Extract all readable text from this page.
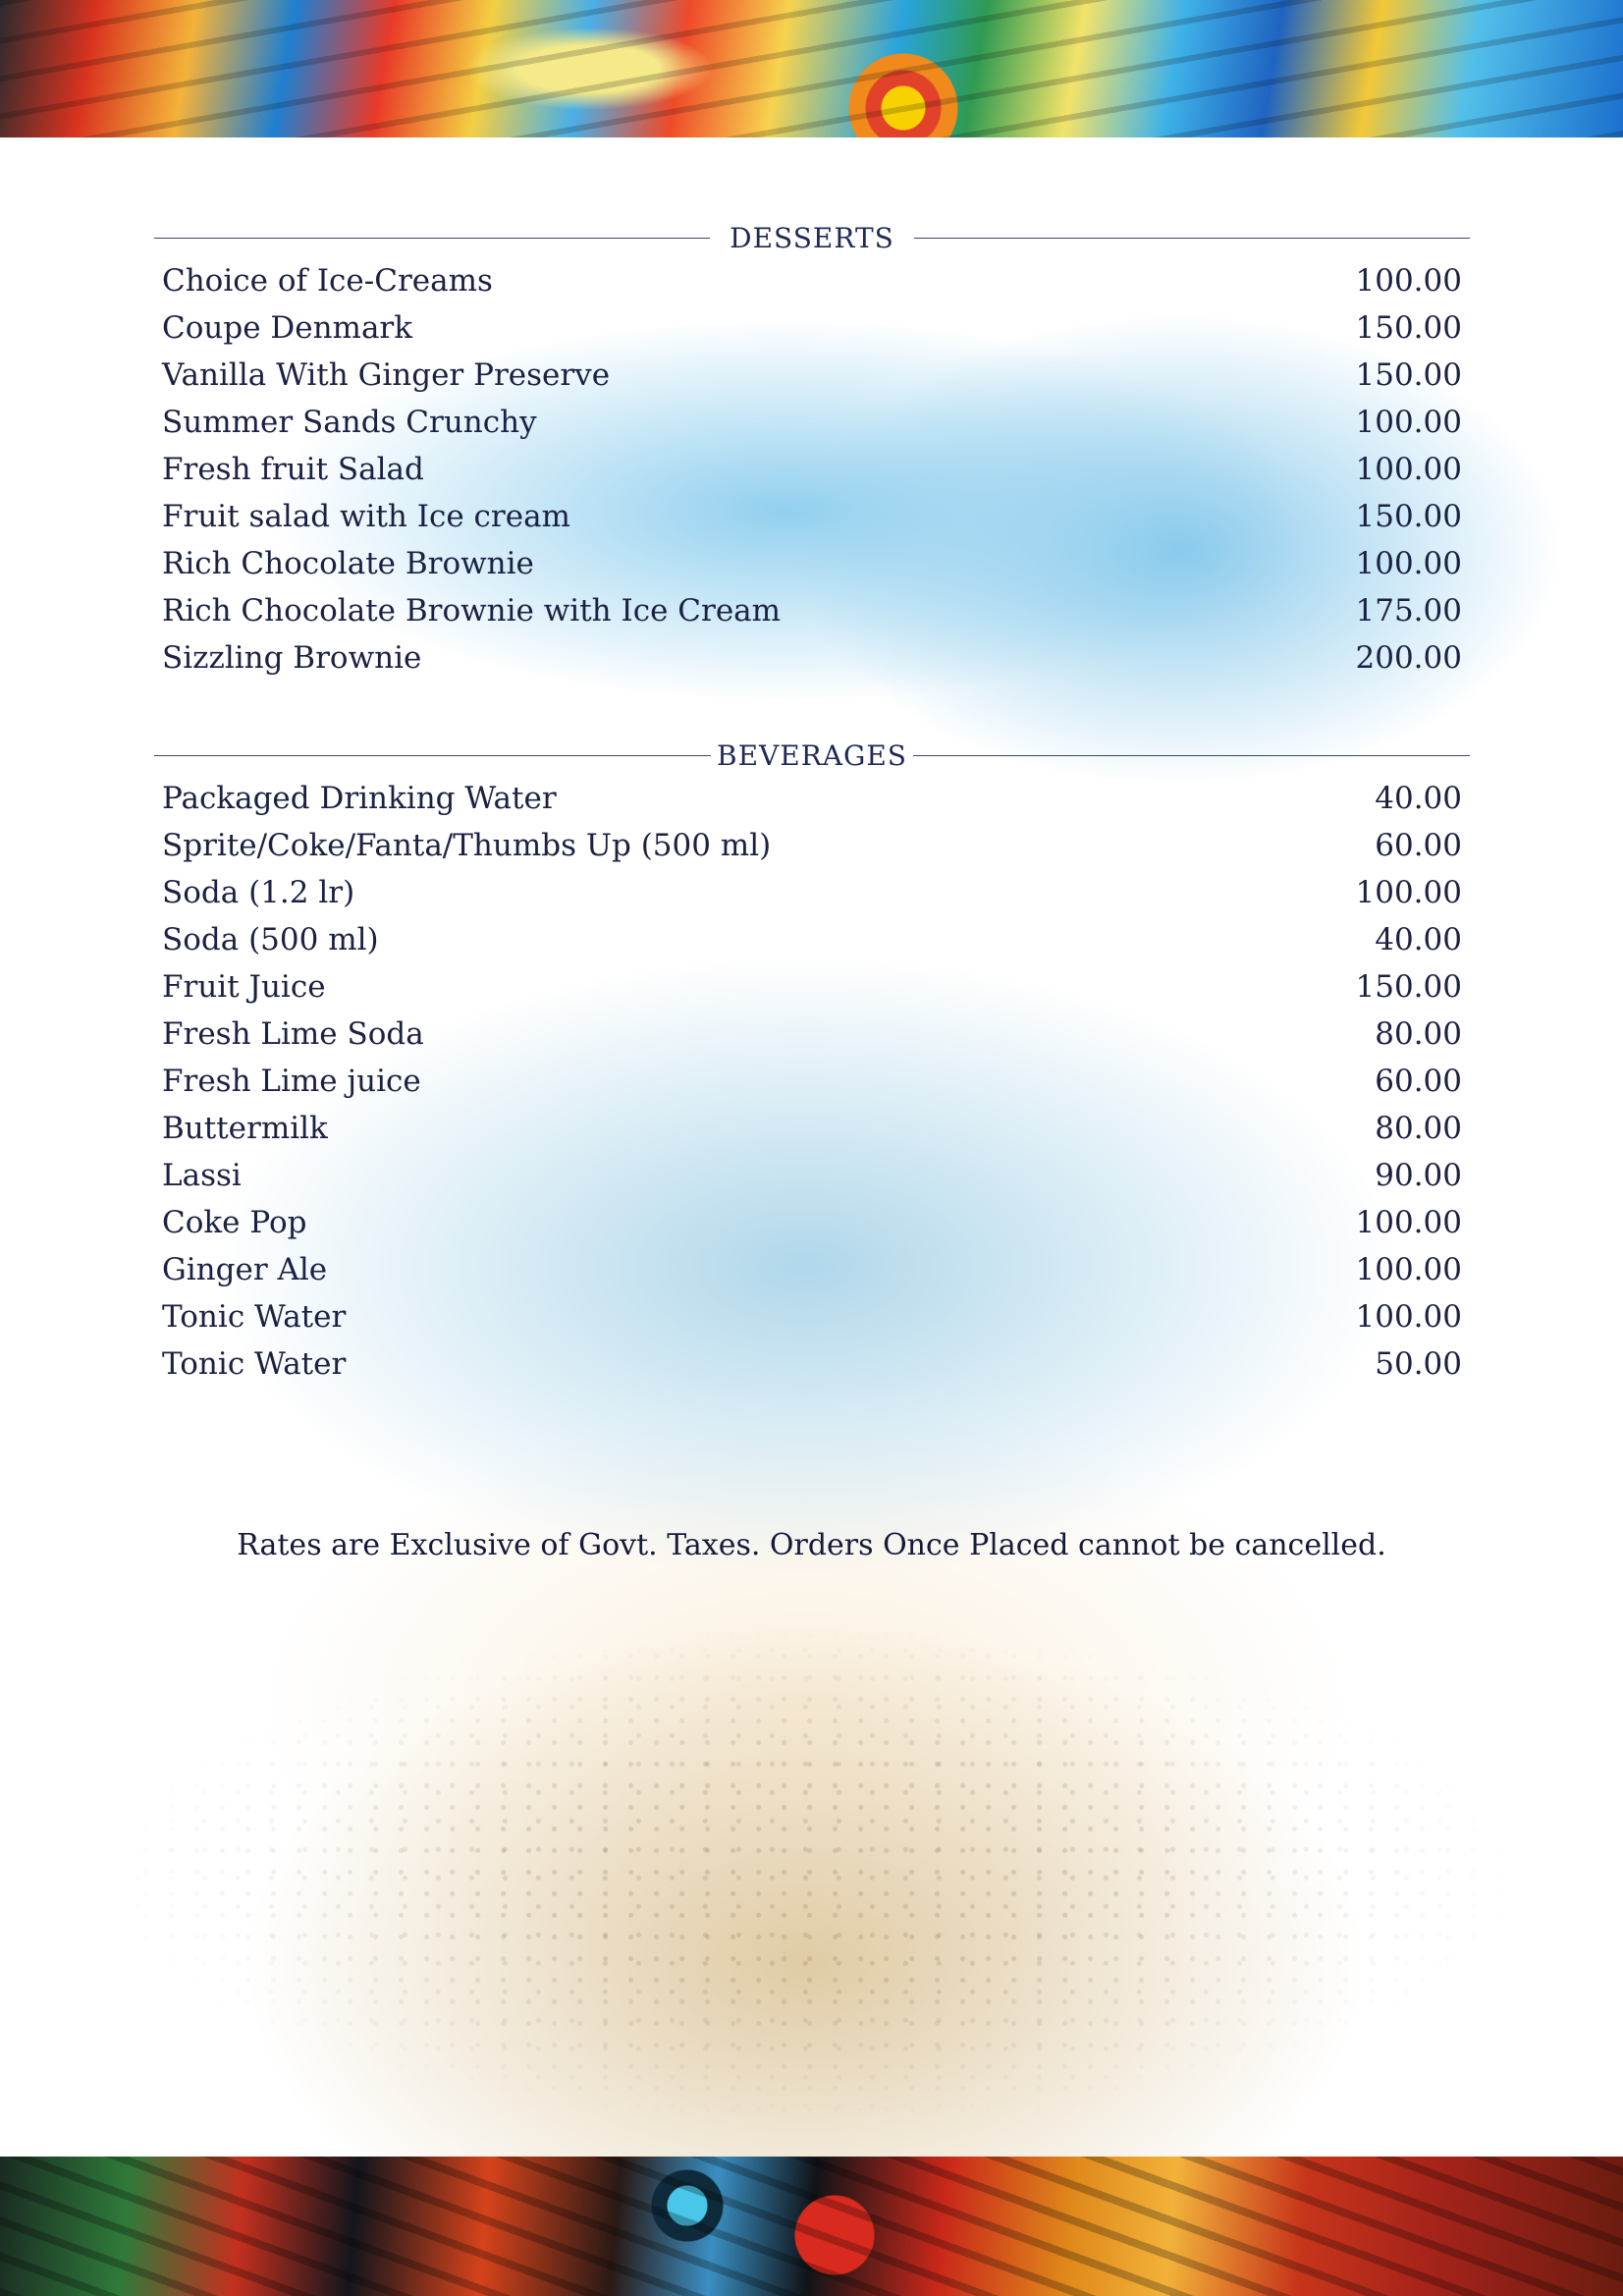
DESSERTS
Choice of Ice-Creams	100.00
Coupe Denmark	150.00
Vanilla With Ginger Preserve	150.00
Summer Sands Crunchy	100.00
Fresh fruit Salad	100.00
Fruit salad with Ice cream	150.00
Rich Chocolate Brownie	100.00
Rich Chocolate Brownie with Ice Cream	175.00
Sizzling Brownie	200.00
BEVERAGES
Packaged Drinking Water	40.00
Sprite/Coke/Fanta/Thumbs Up (500 ml)	60.00
Soda (1.2 lr)	100.00
Soda (500 ml)	40.00
Fruit Juice	150.00
Fresh Lime Soda	80.00
Fresh Lime juice	60.00
Buttermilk	80.00
Lassi	90.00
Coke Pop	100.00
Ginger Ale	100.00
Tonic Water	100.00
Tonic Water	50.00
Rates are Exclusive of Govt. Taxes. Orders Once Placed cannot be cancelled.
